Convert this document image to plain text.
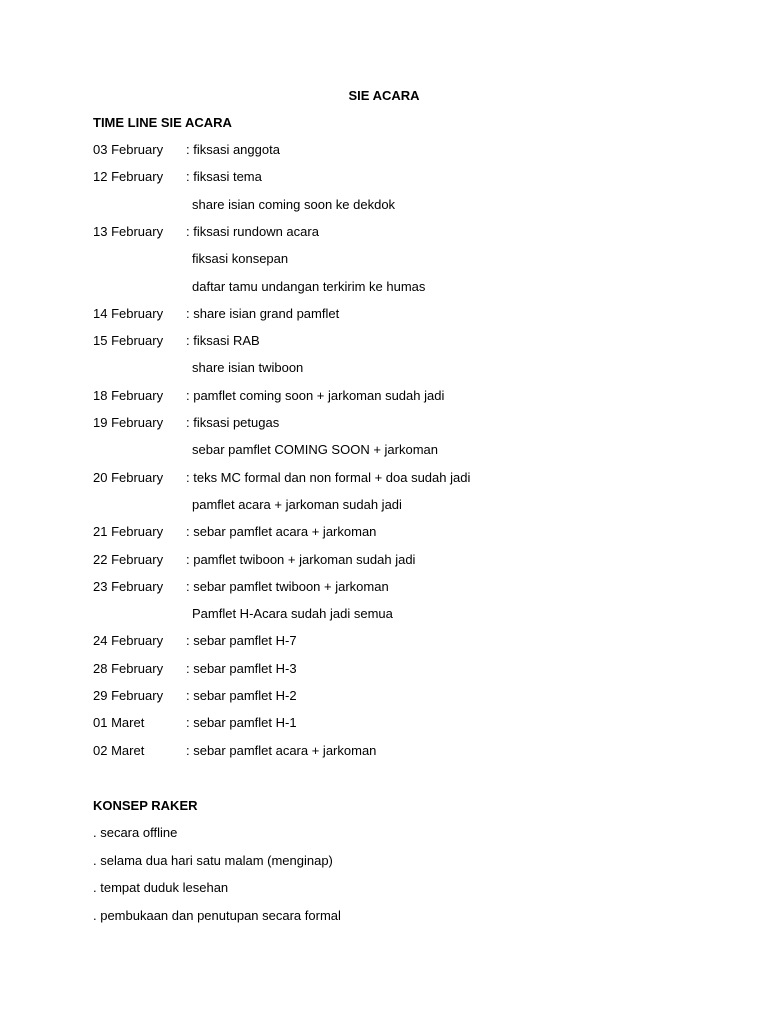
SIE ACARA
TIME LINE SIE ACARA
03 February : fiksasi anggota
12 February : fiksasi tema
share isian coming soon ke dekdok
13 February : fiksasi rundown acara
fiksasi konsepan
daftar tamu undangan terkirim ke humas
14 February : share isian grand pamflet
15 February : fiksasi RAB
share isian twiboon
18 February : pamflet coming soon + jarkoman sudah jadi
19 February : fiksasi petugas
sebar pamflet COMING SOON + jarkoman
20 February : teks MC formal dan non formal + doa sudah jadi
pamflet acara + jarkoman sudah jadi
21 February : sebar pamflet acara + jarkoman
22 February : pamflet twiboon + jarkoman sudah jadi
23 February : sebar pamflet twiboon + jarkoman
Pamflet H-Acara sudah jadi semua
24 February : sebar pamflet H-7
28 February : sebar pamflet H-3
29 February : sebar pamflet H-2
01 Maret	: sebar pamflet H-1
02 Maret	: sebar pamflet acara + jarkoman
KONSEP RAKER
. secara offline
. selama dua hari satu malam (menginap)
. tempat duduk lesehan
. pembukaan dan penutupan secara formal
